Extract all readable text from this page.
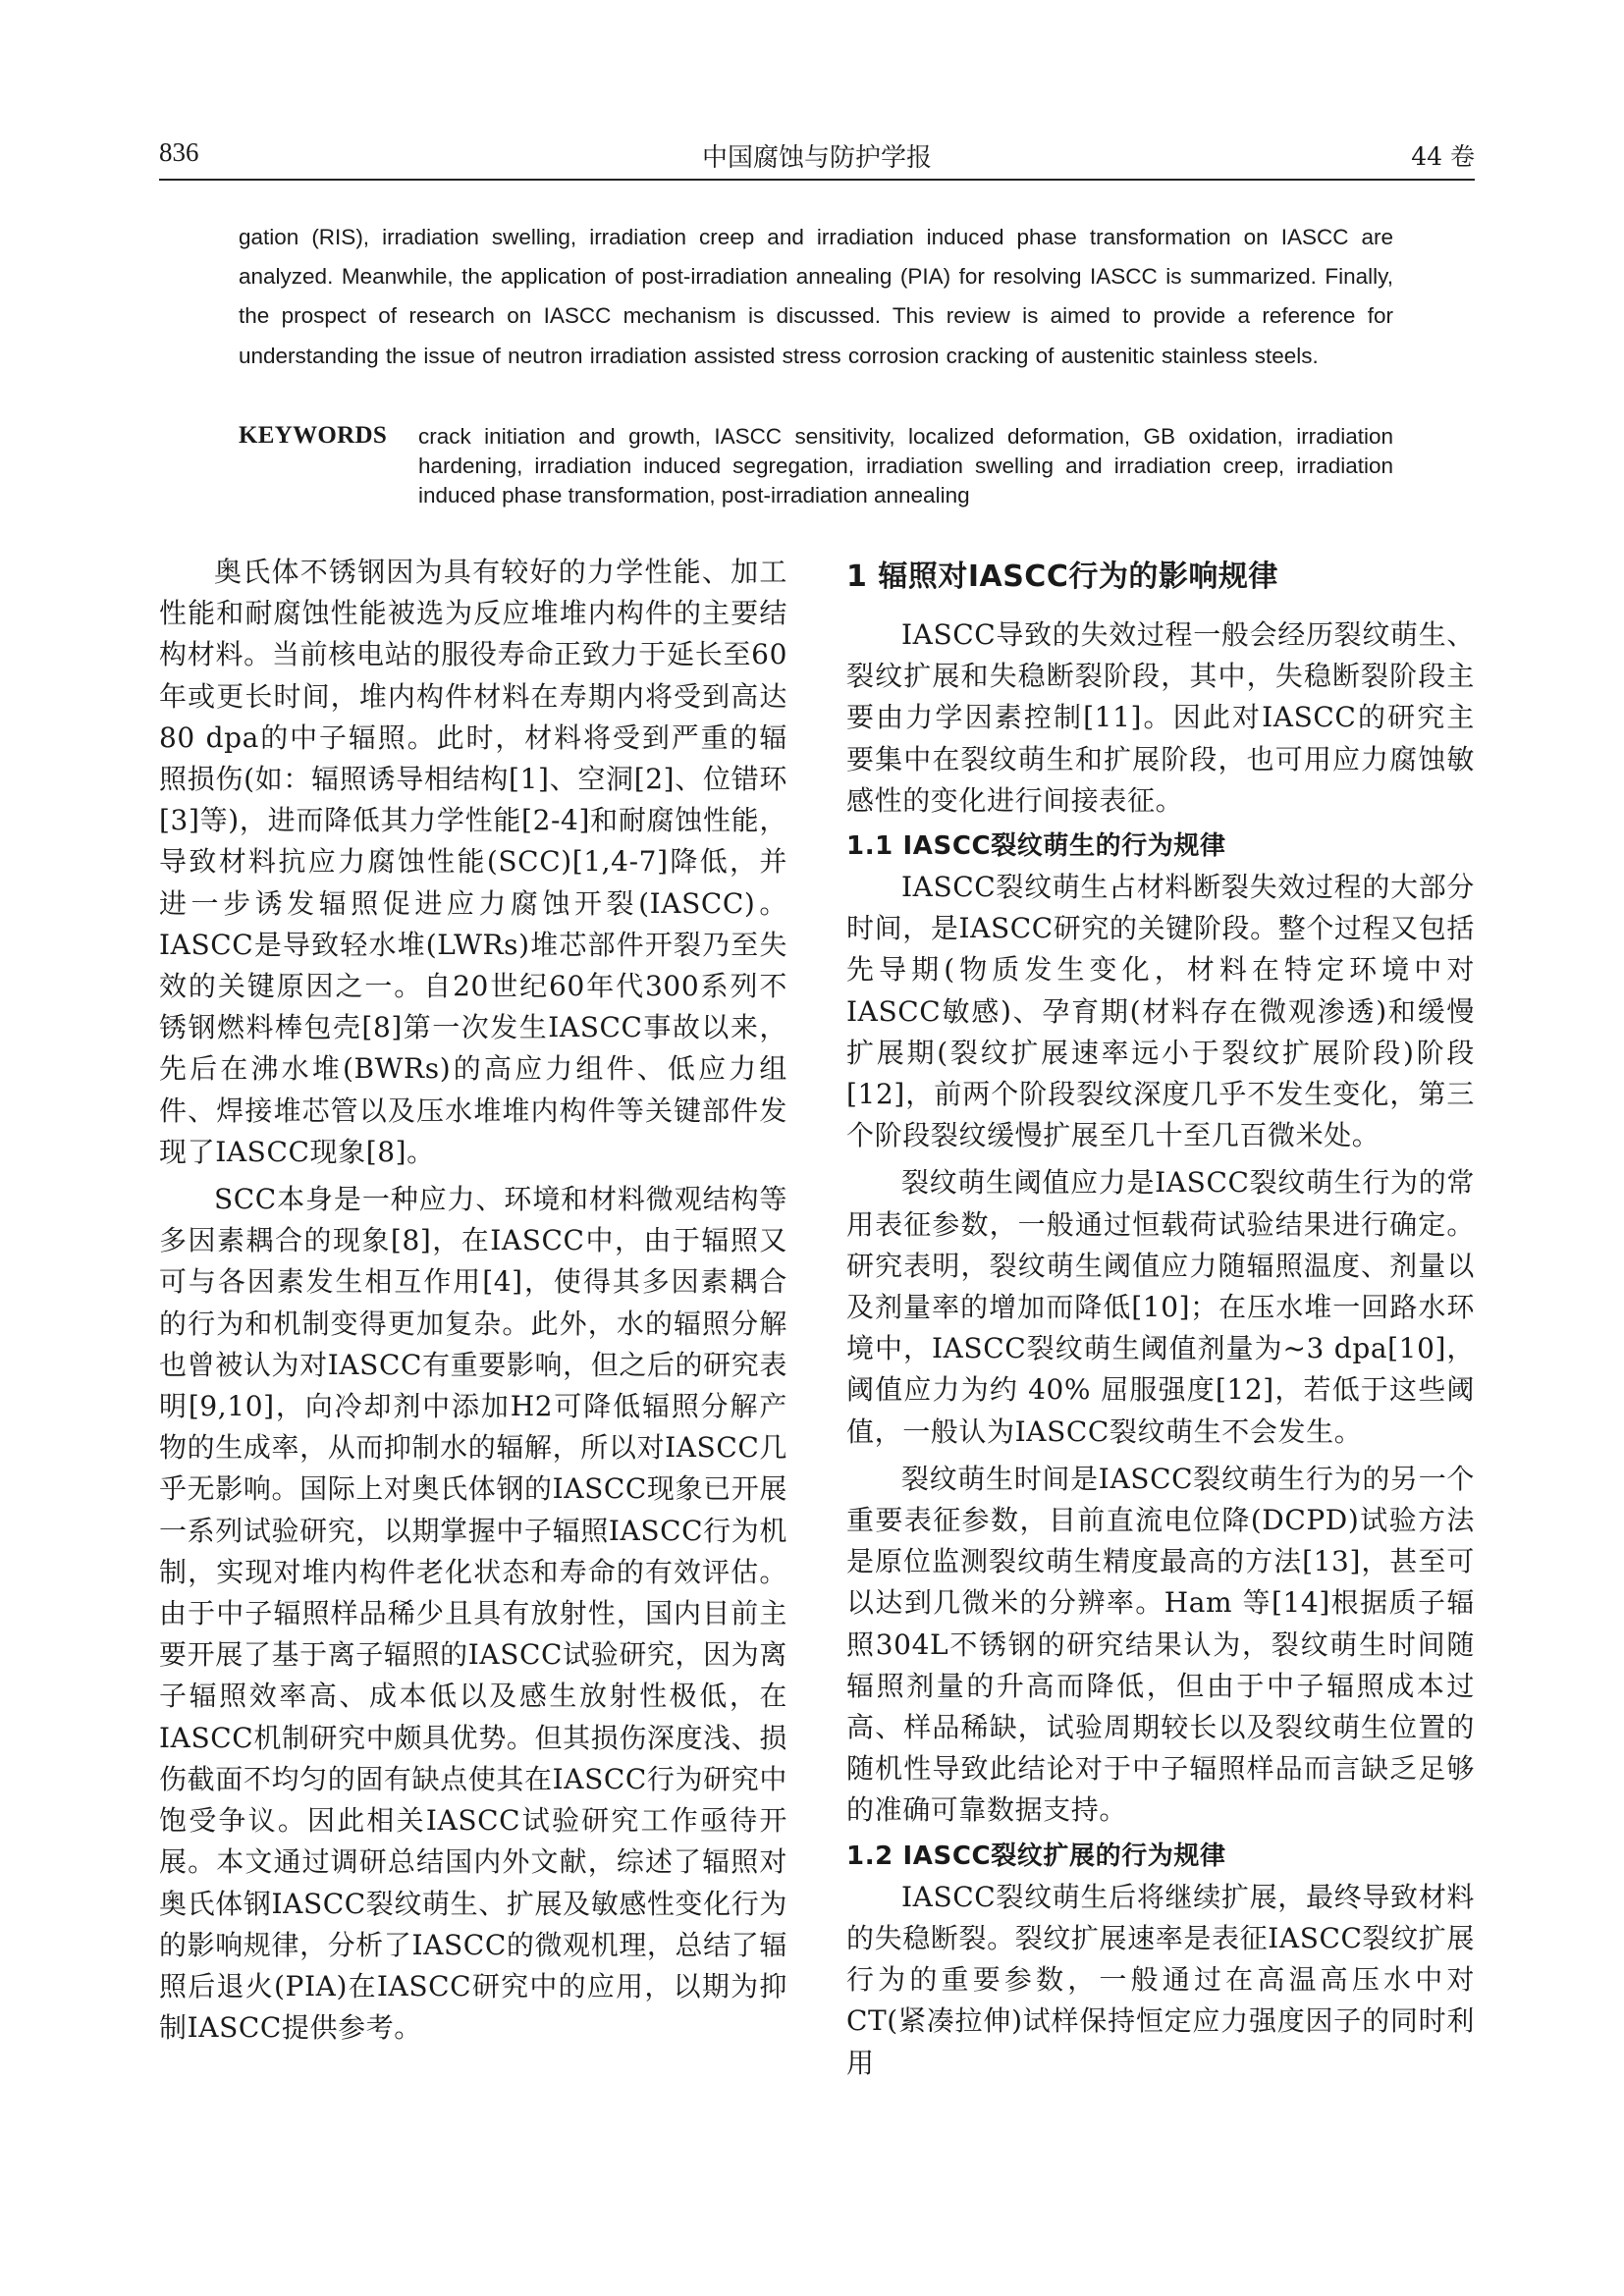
836	中国腐蚀与防护学报	44 卷
gation (RIS), irradiation swelling, irradiation creep and irradiation induced phase transformation on IASCC are analyzed. Meanwhile, the application of post-irradiation annealing (PIA) for resolving IASCC is summarized. Finally, the prospect of research on IASCC mechanism is discussed. This review is aimed to provide a reference for understanding the issue of neutron irradiation assisted stress corrosion cracking of austenitic stainless steels.
KEYWORDS crack initiation and growth, IASCC sensitivity, localized deformation, GB oxidation, irradiation hardening, irradiation induced segregation, irradiation swelling and irradiation creep, irradiation induced phase transformation, post-irradiation annealing

奥氏体不锈钢因为具有较好的力学性能、加工性能和耐腐蚀性能被选为反应堆堆内构件的主要结构材料。当前核电站的服役寿命正致力于延长至60年或更长时间，堆内构件材料在寿期内将受到高达80 dpa的中子辐照。此时，材料将受到严重的辐照损伤(如：辐照诱导相结构[1]、空洞[2]、位错环[3]等)，进而降低其力学性能[2-4]和耐腐蚀性能，导致材料抗应力腐蚀性能(SCC)[1,4-7]降低，并进一步诱发辐照促进应力腐蚀开裂(IASCC)。IASCC是导致轻水堆(LWRs)堆芯部件开裂乃至失效的关键原因之一。自20世纪60年代300系列不锈钢燃料棒包壳[8]第一次发生IASCC事故以来，先后在沸水堆(BWRs)的高应力组件、低应力组件、焊接堆芯管以及压水堆堆内构件等关键部件发现了IASCC现象[8]。

SCC本身是一种应力、环境和材料微观结构等多因素耦合的现象[8]，在IASCC中，由于辐照又可与各因素发生相互作用[4]，使得其多因素耦合的行为和机制变得更加复杂。此外，水的辐照分解也曾被认为对IASCC有重要影响，但之后的研究表明[9,10]，向冷却剂中添加H2可降低辐照分解产物的生成率，从而抑制水的辐解，所以对IASCC几乎无影响。国际上对奥氏体钢的IASCC现象已开展一系列试验研究，以期掌握中子辐照IASCC行为机制，实现对堆内构件老化状态和寿命的有效评估。由于中子辐照样品稀少且具有放射性，国内目前主要开展了基于离子辐照的IASCC试验研究，因为离子辐照效率高、成本低以及感生放射性极低，在IASCC机制研究中颇具优势。但其损伤深度浅、损伤截面不均匀的固有缺点使其在IASCC行为研究中饱受争议。因此相关IASCC试验研究工作亟待开展。本文通过调研总结国内外文献，综述了辐照对奥氏体钢IASCC裂纹萌生、扩展及敏感性变化行为的影响规律，分析了IASCC的微观机理，总结了辐照后退火(PIA)在IASCC研究中的应用，以期为抑制IASCC提供参考。

1 辐照对IASCC行为的影响规律

IASCC导致的失效过程一般会经历裂纹萌生、裂纹扩展和失稳断裂阶段，其中，失稳断裂阶段主要由力学因素控制[11]。因此对IASCC的研究主要集中在裂纹萌生和扩展阶段，也可用应力腐蚀敏感性的变化进行间接表征。

1.1 IASCC裂纹萌生的行为规律

IASCC裂纹萌生占材料断裂失效过程的大部分时间，是IASCC研究的关键阶段。整个过程又包括先导期(物质发生变化，材料在特定环境中对IASCC敏感)、孕育期(材料存在微观渗透)和缓慢扩展期(裂纹扩展速率远小于裂纹扩展阶段)阶段[12]，前两个阶段裂纹深度几乎不发生变化，第三个阶段裂纹缓慢扩展至几十至几百微米处。

裂纹萌生阈值应力是IASCC裂纹萌生行为的常用表征参数，一般通过恒载荷试验结果进行确定。研究表明，裂纹萌生阈值应力随辐照温度、剂量以及剂量率的增加而降低[10]；在压水堆一回路水环境中，IASCC裂纹萌生阈值剂量为~3 dpa[10]，阈值应力为约 40% 屈服强度[12]，若低于这些阈值，一般认为IASCC裂纹萌生不会发生。

裂纹萌生时间是IASCC裂纹萌生行为的另一个重要表征参数，目前直流电位降(DCPD)试验方法是原位监测裂纹萌生精度最高的方法[13]，甚至可以达到几微米的分辨率。Ham 等[14]根据质子辐照304L不锈钢的研究结果认为，裂纹萌生时间随辐照剂量的升高而降低，但由于中子辐照成本过高、样品稀缺，试验周期较长以及裂纹萌生位置的随机性导致此结论对于中子辐照样品而言缺乏足够的准确可靠数据支持。

1.2 IASCC裂纹扩展的行为规律

IASCC裂纹萌生后将继续扩展，最终导致材料的失稳断裂。裂纹扩展速率是表征IASCC裂纹扩展行为的重要参数，一般通过在高温高压水中对CT(紧凑拉伸)试样保持恒定应力强度因子的同时利用
